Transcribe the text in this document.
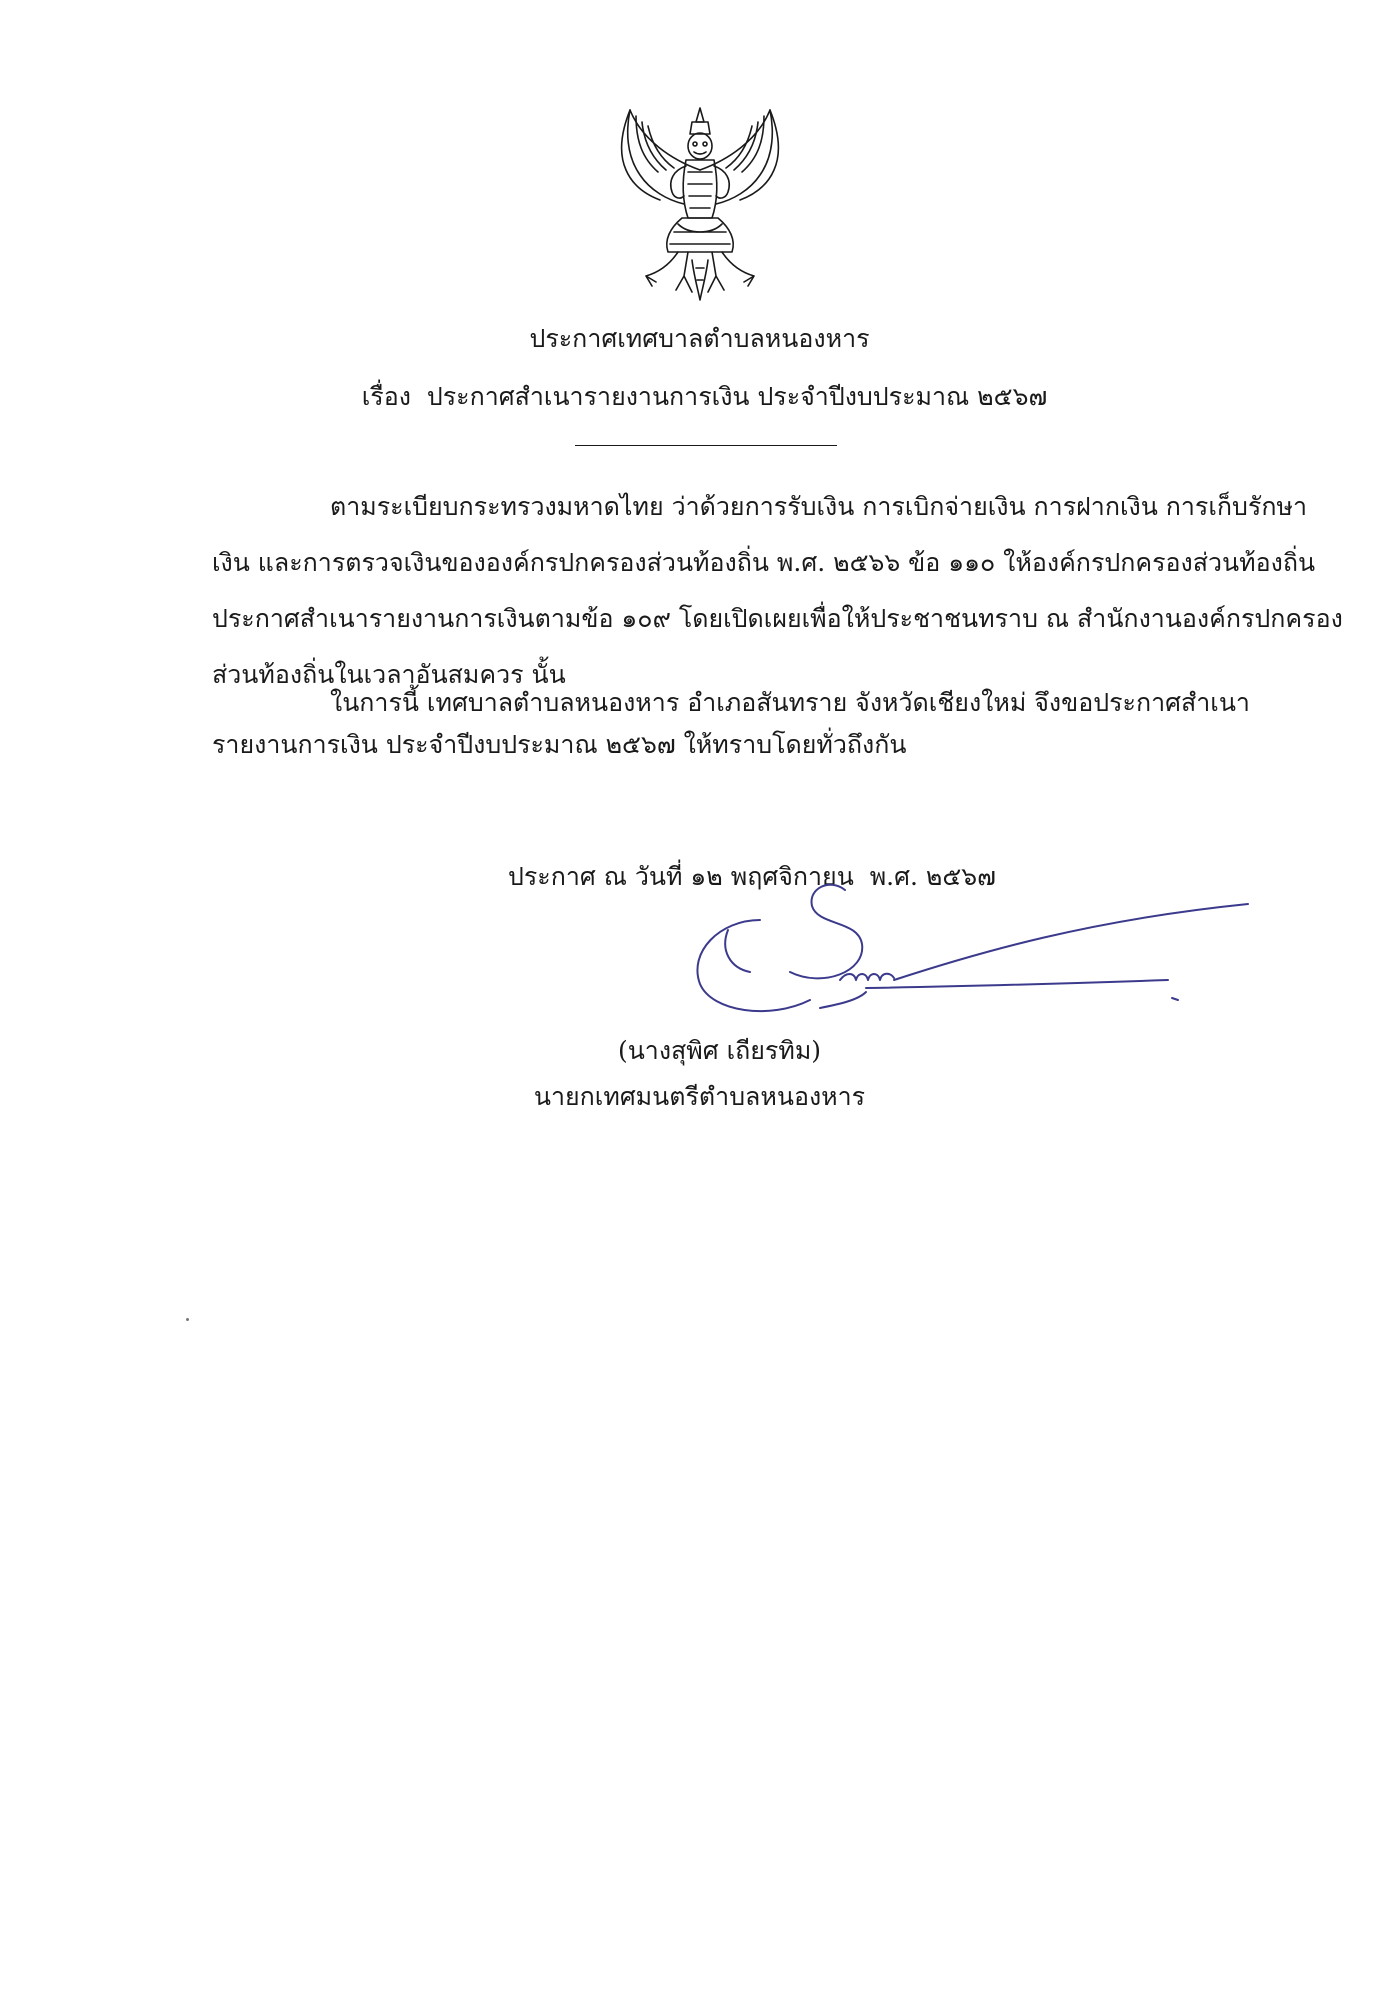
ประกาศเทศบาลตำบลหนองหาร
เรื่อง ประกาศสำเนารายงานการเงิน ประจำปีงบประมาณ ๒๕๖๗
ตามระเบียบกระทรวงมหาดไทย ว่าด้วยการรับเงิน การเบิกจ่ายเงิน การฝากเงิน การเก็บรักษา
เงิน และการตรวจเงินขององค์กรปกครองส่วนท้องถิ่น พ.ศ. ๒๕๖๖ ข้อ ๑๑๐ ให้องค์กรปกครองส่วนท้องถิ่น
ประกาศสำเนารายงานการเงินตามข้อ ๑๐๙ โดยเปิดเผยเพื่อให้ประชาชนทราบ ณ สำนักงานองค์กรปกครอง
ส่วนท้องถิ่นในเวลาอันสมควร นั้น
ในการนี้ เทศบาลตำบลหนองหาร อำเภอสันทราย จังหวัดเชียงใหม่ จึงขอประกาศสำเนา
รายงานการเงิน ประจำปีงบประมาณ ๒๕๖๗ ให้ทราบโดยทั่วถึงกัน
ประกาศ ณ วันที่ ๑๒ พฤศจิกายน พ.ศ. ๒๕๖๗
(นางสุพิศ เถียรทิม)
นายกเทศมนตรีตำบลหนองหาร
